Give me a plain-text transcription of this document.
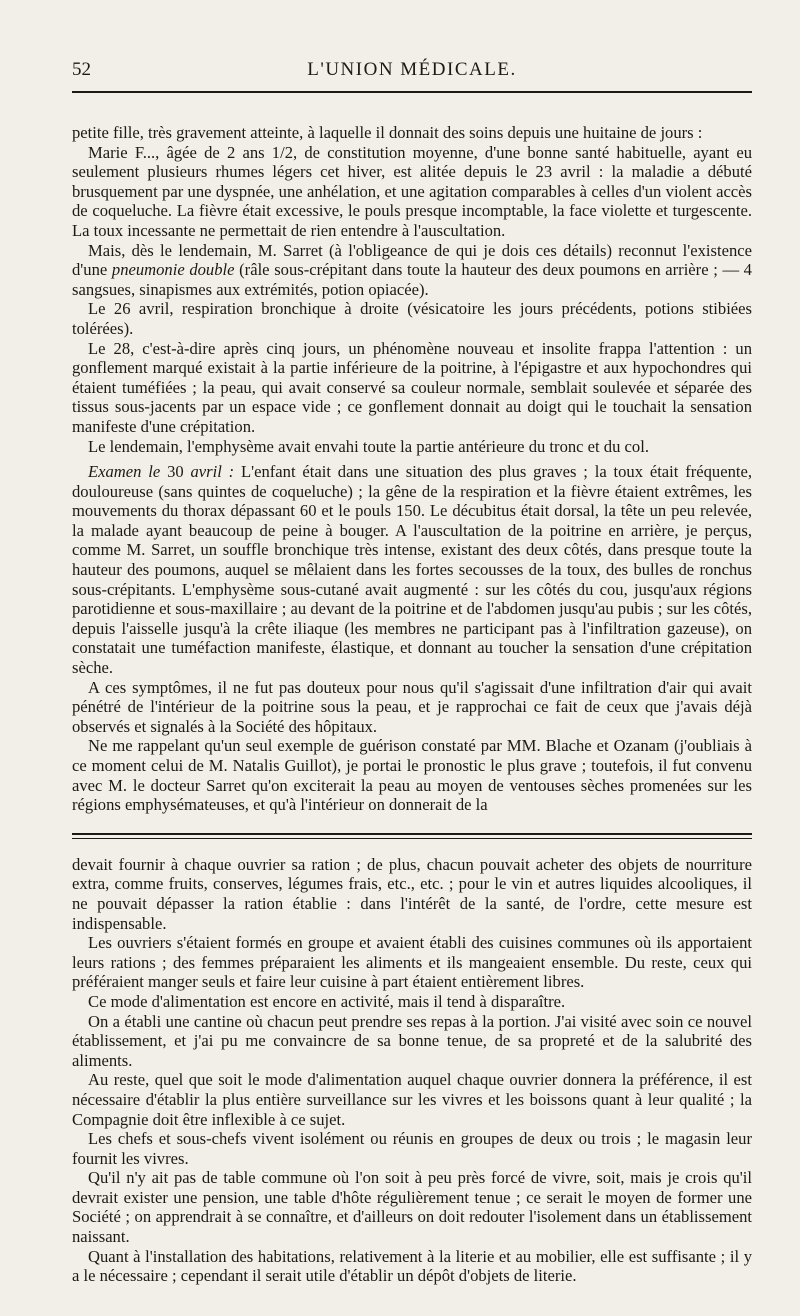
52	L'UNION MÉDICALE.

petite fille, très gravement atteinte, à laquelle il donnait des soins depuis une huitaine de jours :

Marie F..., âgée de 2 ans 1/2, de constitution moyenne, d'une bonne santé habituelle, ayant eu seulement plusieurs rhumes légers cet hiver, est alitée depuis le 23 avril : la maladie a débuté brusquement par une dyspnée, une anhélation, et une agitation comparables à celles d'un violent accès de coqueluche. La fièvre était excessive, le pouls presque incomptable, la face violette et turgescente. La toux incessante ne permettait de rien entendre à l'auscultation.

Mais, dès le lendemain, M. Sarret (à l'obligeance de qui je dois ces détails) reconnut l'existence d'une pneumonie double (râle sous-crépitant dans toute la hauteur des deux poumons en arrière ; — 4 sangsues, sinapismes aux extrémités, potion opiacée).

Le 26 avril, respiration bronchique à droite (vésicatoire les jours précédents, potions stibiées tolérées).

Le 28, c'est-à-dire après cinq jours, un phénomène nouveau et insolite frappa l'attention : un gonflement marqué existait à la partie inférieure de la poitrine, à l'épigastre et aux hypochondres qui étaient tuméfiées ; la peau, qui avait conservé sa couleur normale, semblait soulevée et séparée des tissus sous-jacents par un espace vide ; ce gonflement donnait au doigt qui le touchait la sensation manifeste d'une crépitation.

Le lendemain, l'emphysème avait envahi toute la partie antérieure du tronc et du col.

Examen le 30 avril : L'enfant était dans une situation des plus graves ; la toux était fréquente, douloureuse (sans quintes de coqueluche) ; la gêne de la respiration et la fièvre étaient extrêmes, les mouvements du thorax dépassant 60 et le pouls 150. Le décubitus était dorsal, la tête un peu relevée, la malade ayant beaucoup de peine à bouger. A l'auscultation de la poitrine en arrière, je perçus, comme M. Sarret, un souffle bronchique très intense, existant des deux côtés, dans presque toute la hauteur des poumons, auquel se mêlaient dans les fortes secousses de la toux, des bulles de ronchus sous-crépitants. L'emphysème sous-cutané avait augmenté : sur les côtés du cou, jusqu'aux régions parotidienne et sous-maxillaire ; au devant de la poitrine et de l'abdomen jusqu'au pubis ; sur les côtés, depuis l'aisselle jusqu'à la crête iliaque (les membres ne participant pas à l'infiltration gazeuse), on constatait une tuméfaction manifeste, élastique, et donnant au toucher la sensation d'une crépitation sèche.

A ces symptômes, il ne fut pas douteux pour nous qu'il s'agissait d'une infiltration d'air qui avait pénétré de l'intérieur de la poitrine sous la peau, et je rapprochai ce fait de ceux que j'avais déjà observés et signalés à la Société des hôpitaux.

Ne me rappelant qu'un seul exemple de guérison constaté par MM. Blache et Ozanam (j'oubliais à ce moment celui de M. Natalis Guillot), je portai le pronostic le plus grave ; toutefois, il fut convenu avec M. le docteur Sarret qu'on exciterait la peau au moyen de ventouses sèches promenées sur les régions emphysémateuses, et qu'à l'intérieur on donnerait de la

devait fournir à chaque ouvrier sa ration ; de plus, chacun pouvait acheter des objets de nourriture extra, comme fruits, conserves, légumes frais, etc., etc. ; pour le vin et autres liquides alcooliques, il ne pouvait dépasser la ration établie : dans l'intérêt de la santé, de l'ordre, cette mesure est indispensable.

Les ouvriers s'étaient formés en groupe et avaient établi des cuisines communes où ils apportaient leurs rations ; des femmes préparaient les aliments et ils mangeaient ensemble. Du reste, ceux qui préféraient manger seuls et faire leur cuisine à part étaient entièrement libres.

Ce mode d'alimentation est encore en activité, mais il tend à disparaître.

On a établi une cantine où chacun peut prendre ses repas à la portion. J'ai visité avec soin ce nouvel établissement, et j'ai pu me convaincre de sa bonne tenue, de sa propreté et de la salubrité des aliments.

Au reste, quel que soit le mode d'alimentation auquel chaque ouvrier donnera la préférence, il est nécessaire d'établir la plus entière surveillance sur les vivres et les boissons quant à leur qualité ; la Compagnie doit être inflexible à ce sujet.

Les chefs et sous-chefs vivent isolément ou réunis en groupes de deux ou trois ; le magasin leur fournit les vivres.

Qu'il n'y ait pas de table commune où l'on soit à peu près forcé de vivre, soit, mais je crois qu'il devrait exister une pension, une table d'hôte régulièrement tenue ; ce serait le moyen de former une Société ; on apprendrait à se connaître, et d'ailleurs on doit redouter l'isolement dans un établissement naissant.

Quant à l'installation des habitations, relativement à la literie et au mobilier, elle est suffisante ; il y a le nécessaire ; cependant il serait utile d'établir un dépôt d'objets de literie.
